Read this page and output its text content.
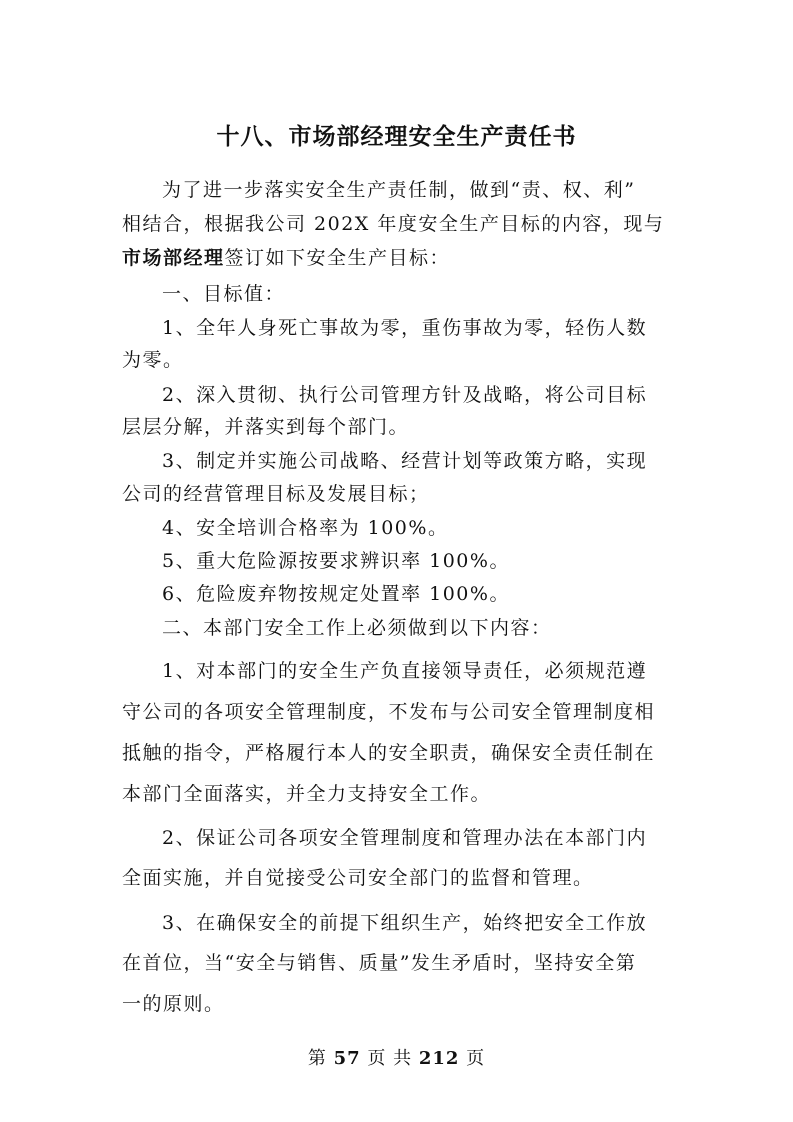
十八、市场部经理安全生产责任书
为了进一步落实安全生产责任制，做到“责、权、利”
相结合，根据我公司 202X 年度安全生产目标的内容，现与
市场部经理签订如下安全生产目标：
一、目标值：
1、全年人身死亡事故为零，重伤事故为零，轻伤人数
为零。
2、深入贯彻、执行公司管理方针及战略，将公司目标
层层分解，并落实到每个部门。
3、制定并实施公司战略、经营计划等政策方略，实现
公司的经营管理目标及发展目标；
4、安全培训合格率为 100%。
5、重大危险源按要求辨识率 100%。
6、危险废弃物按规定处置率 100%。
二、本部门安全工作上必须做到以下内容：
1、对本部门的安全生产负直接领导责任，必须规范遵
守公司的各项安全管理制度，不发布与公司安全管理制度相
抵触的指令，严格履行本人的安全职责，确保安全责任制在
本部门全面落实，并全力支持安全工作。
2、保证公司各项安全管理制度和管理办法在本部门内
全面实施，并自觉接受公司安全部门的监督和管理。
3、在确保安全的前提下组织生产，始终把安全工作放
在首位，当“安全与销售、质量”发生矛盾时，坚持安全第
一的原则。
第 57 页 共 212 页
